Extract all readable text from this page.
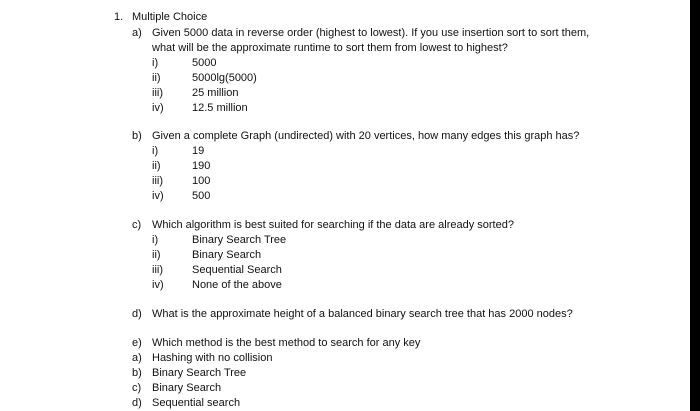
1. Multiple Choice
a) Given 5000 data in reverse order (highest to lowest). If you use insertion sort to sort them,
what will be the approximate runtime to sort them from lowest to highest?
i)	5000
ii)	5000lg(5000)
iii)	25 million
iv)	12.5 million
b) Given a complete Graph (undirected) with 20 vertices, how many edges this graph has?
i)	19
ii)	190
iii)	100
iv)	500
c) Which algorithm is best suited for searching if the data are already sorted?
i)	Binary Search Tree
ii)	Binary Search
iii)	Sequential Search
iv)	None of the above
d) What is the approximate height of a balanced binary search tree that has 2000 nodes?
e) Which method is the best method to search for any key
a) Hashing with no collision
b) Binary Search Tree
c) Binary Search
d) Sequential search
